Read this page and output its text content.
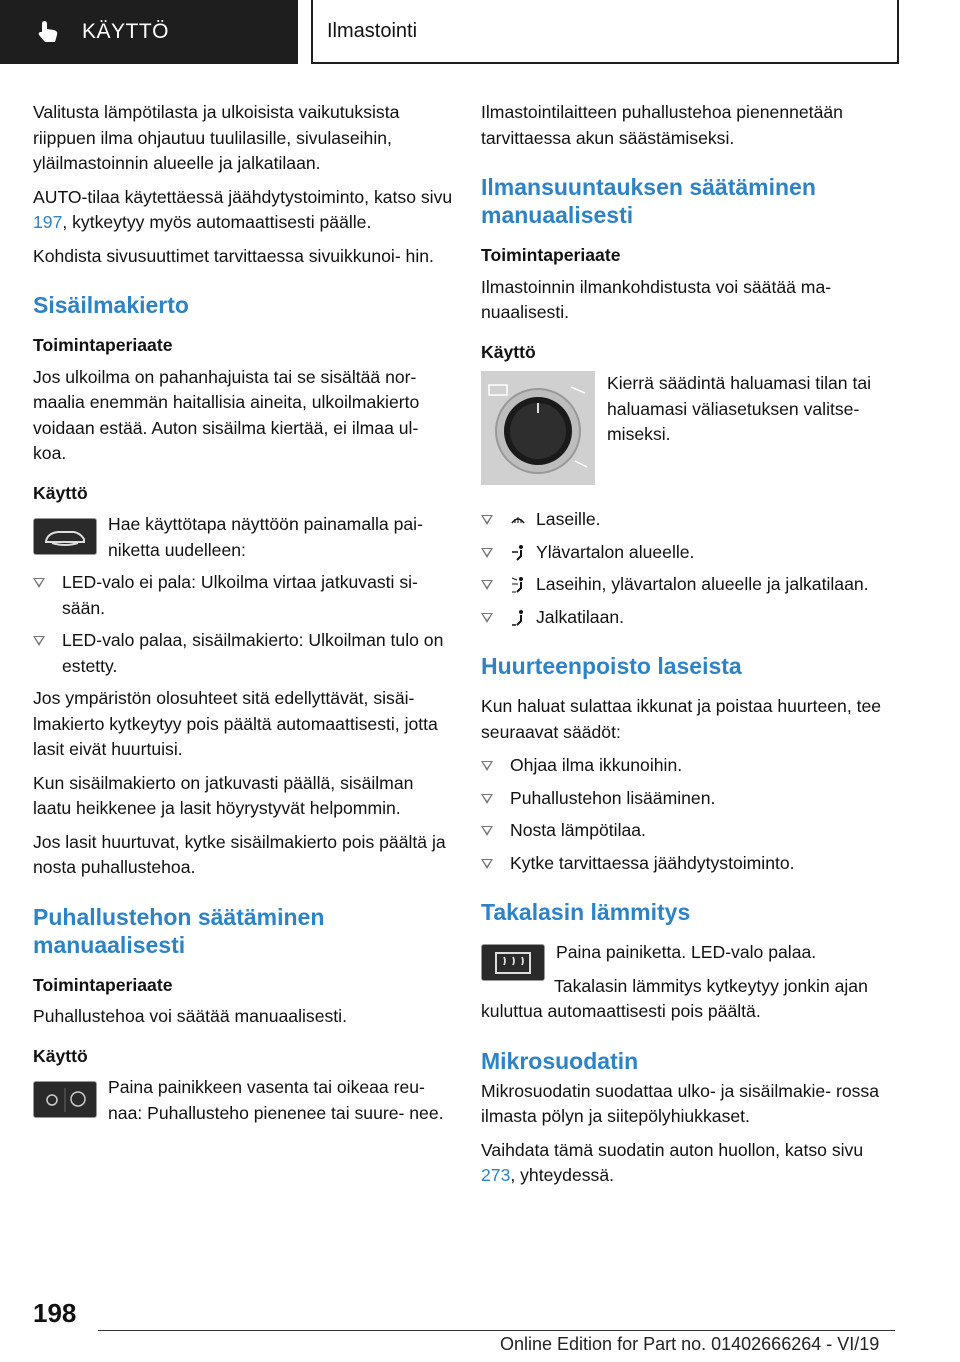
KÄYTTÖ	Ilmastointi

Valitusta lämpötilasta ja ulkoisista vaikutuksista riippuen ilma ohjautuu tuulilasille, sivulaseihin, yläilmastoinnin alueelle ja jalkatilaan.

AUTO-tilaa käytettäessä jäähdytystoiminto, katso sivu 197, kytkeytyy myös automaattisesti päälle.

Kohdista sivusuuttimet tarvittaessa sivuikkunoi- hin.

Sisäilmakierto
Toimintaperiaate

Jos ulkoilma on pahanhajuista tai se sisältää nor- maalia enemmän haitallisia aineita, ulkoilmakierto voidaan estää. Auton sisäilma kiertää, ei ilmaa ul- koa.

Käyttö

Hae käyttötapa näyttöön painamalla pai- niketta uudelleen:

LED-valo ei pala: Ulkoilma virtaa jatkuvasti si- sään.
LED-valo palaa, sisäilmakierto: Ulkoilman tulo on estetty.

Jos ympäristön olosuhteet sitä edellyttävät, sisäi- lmakierto kytkeytyy pois päältä automaattisesti, jotta lasit eivät huurtuisi.

Kun sisäilmakierto on jatkuvasti päällä, sisäilman laatu heikkenee ja lasit höyrystyvät helpommin.

Jos lasit huurtuvat, kytke sisäilmakierto pois päältä ja nosta puhallustehoa.

Puhallustehon säätäminen manuaalisesti
Toimintaperiaate

Puhallustehoa voi säätää manuaalisesti.

Käyttö

Paina painikkeen vasenta tai oikeaa reu- naa: Puhallusteho pienenee tai suure- nee.

Ilmastointilaitteen puhallustehoa pienennetään tarvittaessa akun säästämiseksi.

Ilmansuuntauksen säätäminen manuaalisesti
Toimintaperiaate

Ilmastoinnin ilmankohdistusta voi säätää ma- nuaalisesti.

Käyttö

Kierrä säädintä haluamasi tilan tai haluamasi väliasetuksen valitse- miseksi.

Laseille.
Ylävartalon alueelle.
Laseihin, ylävartalon alueelle ja jalkatilaan.
Jalkatilaan.
Huurteenpoisto laseista

Kun haluat sulattaa ikkunat ja poistaa huurteen, tee seuraavat säädöt:

Ohjaa ilma ikkunoihin.
Puhallustehon lisääminen.
Nosta lämpötilaa.
Kytke tarvittaessa jäähdytystoiminto.
Takalasin lämmitys

Paina painiketta. LED-valo palaa.

Takalasin lämmitys kytkeytyy jonkin ajan kuluttua automaattisesti pois päältä.

Mikrosuodatin

Mikrosuodatin suodattaa ulko- ja sisäilmakie- rossa ilmasta pölyn ja siitepölyhiukkaset.

Vaihdata tämä suodatin auton huollon, katso sivu 273, yhteydessä.

198
Online Edition for Part no. 01402666264 - VI/19
